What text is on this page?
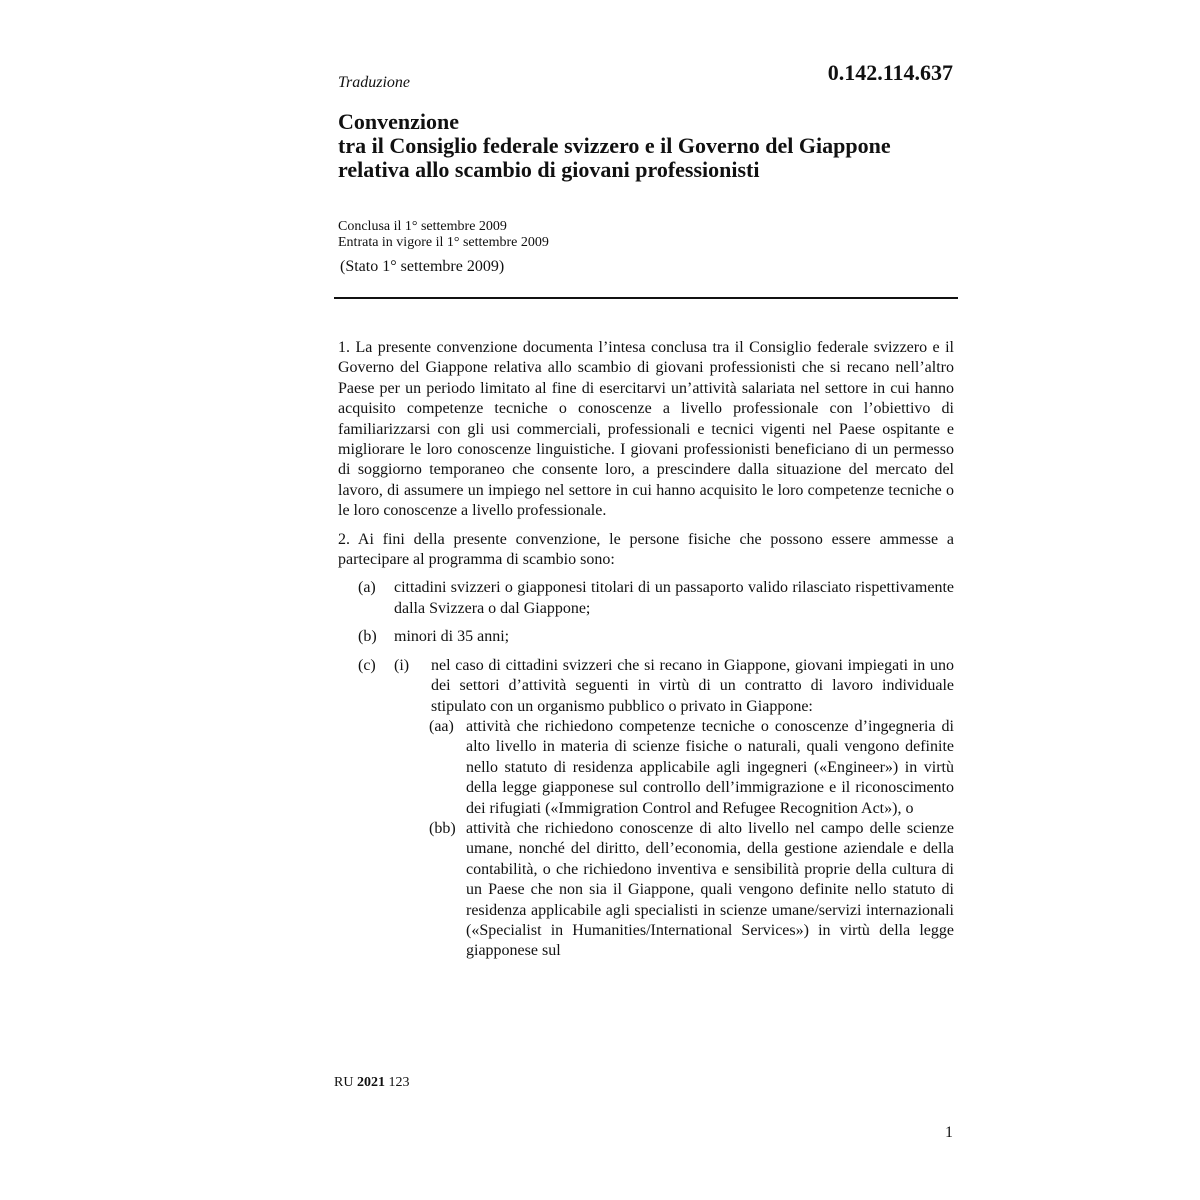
Traduzione	0.142.114.637
Convenzione
tra il Consiglio federale svizzero e il Governo del Giappone
relativa allo scambio di giovani professionisti
Conclusa il 1° settembre 2009
Entrata in vigore il 1° settembre 2009
(Stato 1° settembre 2009)

1. La presente convenzione documenta l’intesa conclusa tra il Consiglio federale svizzero e il Governo del Giappone relativa allo scambio di giovani professionisti che si recano nell’altro Paese per un periodo limitato al fine di esercitarvi un’attività salariata nel settore in cui hanno acquisito competenze tecniche o conoscenze a livello professionale con l’obiettivo di familiarizzarsi con gli usi commerciali, professionali e tecnici vigenti nel Paese ospitante e migliorare le loro conoscenze linguistiche. I giovani professionisti beneficiano di un permesso di soggiorno temporaneo che consente loro, a prescindere dalla situazione del mercato del lavoro, di assumere un impiego nel settore in cui hanno acquisito le loro competenze tecniche o le loro conoscenze a livello professionale.

2. Ai fini della presente convenzione, le persone fisiche che possono essere ammesse a partecipare al programma di scambio sono:

(a) cittadini svizzeri o giapponesi titolari di un passaporto valido rilasciato rispettivamente dalla Svizzera o dal Giappone;
(b) minori di 35 anni;
(c) (i) nel caso di cittadini svizzeri che si recano in Giappone, giovani impiegati in uno dei settori d’attività seguenti in virtù di un contratto di lavoro individuale stipulato con un organismo pubblico o privato in Giappone:
(aa) attività che richiedono competenze tecniche o conoscenze d’ingegneria di alto livello in materia di scienze fisiche o naturali, quali vengono definite nello statuto di residenza applicabile agli ingegneri («Engineer») in virtù della legge giapponese sul controllo dell’immigrazione e il riconoscimento dei rifugiati («Immigration Control and Refugee Recognition Act»), o
(bb) attività che richiedono conoscenze di alto livello nel campo delle scienze umane, nonché del diritto, dell’economia, della gestione aziendale e della contabilità, o che richiedono inventiva e sensibilità proprie della cultura di un Paese che non sia il Giappone, quali vengono definite nello statuto di residenza applicabile agli specialisti in scienze umane/servizi internazionali («Specialist in Humanities/International Services») in virtù della legge giapponese sul
RU 2021 123
1
